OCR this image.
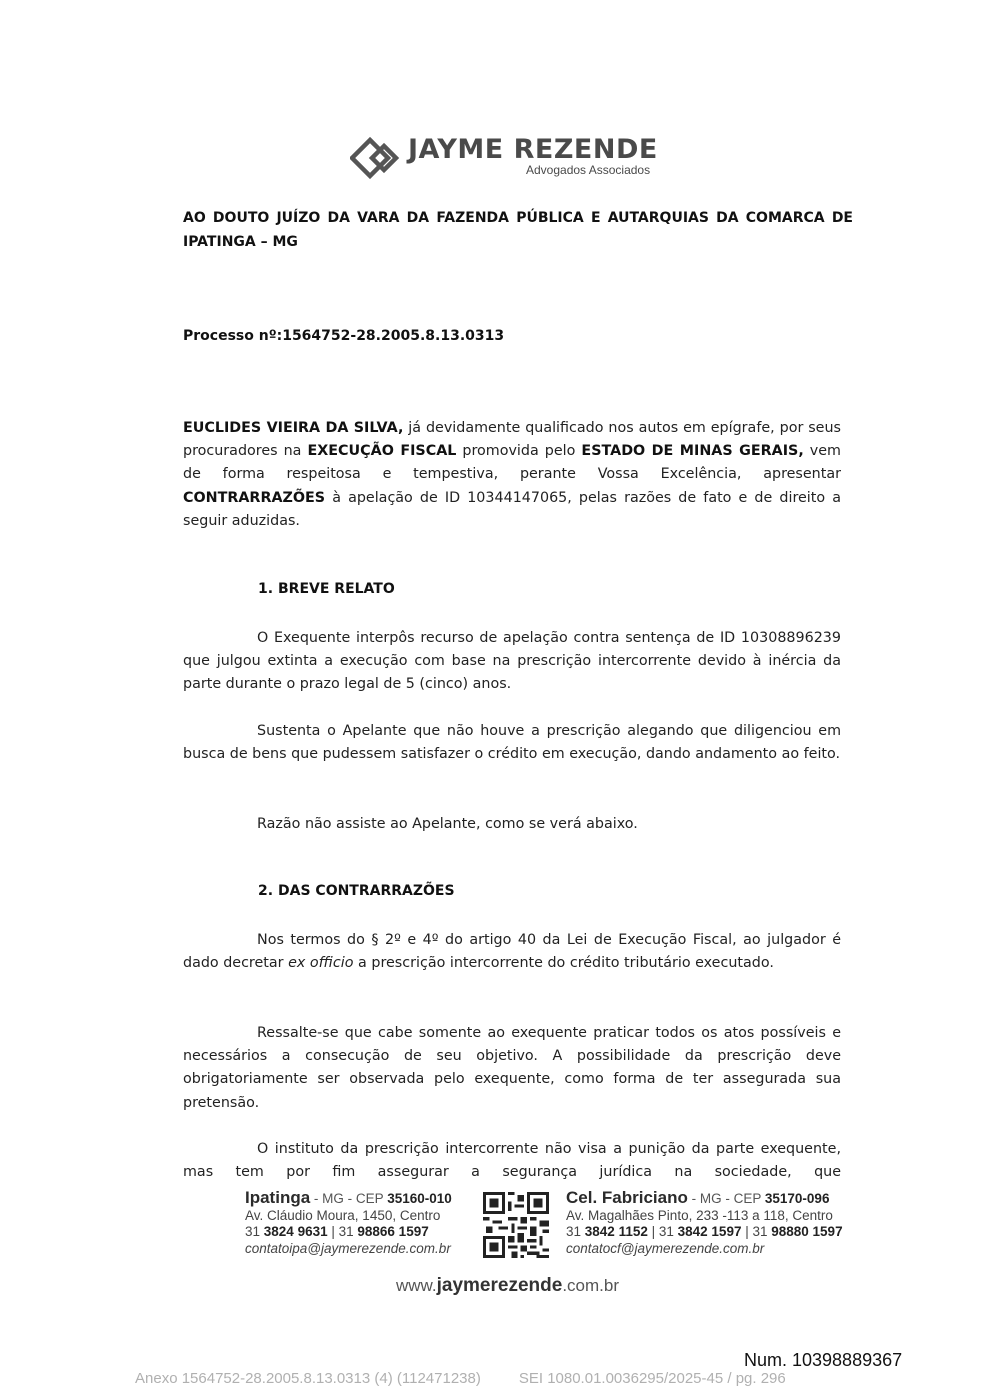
JAYME REZENDE
Advogados Associados
AO DOUTO JUÍZO DA VARA DA FAZENDA PÚBLICA E AUTARQUIAS DA COMARCA DE IPATINGA – MG
Processo nº:1564752-28.2005.8.13.0313
EUCLIDES VIEIRA DA SILVA, já devidamente qualificado nos autos em epígrafe, por seus procuradores na EXECUÇÃO FISCAL promovida pelo ESTADO DE MINAS GERAIS, vem de forma respeitosa e tempestiva, perante Vossa Excelência, apresentar CONTRARRAZÕES à apelação de ID 10344147065, pelas razões de fato e de direito a seguir aduzidas.
1. BREVE RELATO
O Exequente interpôs recurso de apelação contra sentença de ID 10308896239 que julgou extinta a execução com base na prescrição intercorrente devido à inércia da parte durante o prazo legal de 5 (cinco) anos.
Sustenta o Apelante que não houve a prescrição alegando que diligenciou em busca de bens que pudessem satisfazer o crédito em execução, dando andamento ao feito.
Razão não assiste ao Apelante, como se verá abaixo.
2. DAS CONTRARRAZÕES
Nos termos do § 2º e 4º do artigo 40 da Lei de Execução Fiscal, ao julgador é dado decretar ex officio a prescrição intercorrente do crédito tributário executado.
Ressalte-se que cabe somente ao exequente praticar todos os atos possíveis e necessários a consecução de seu objetivo. A possibilidade da prescrição deve obrigatoriamente ser observada pelo exequente, como forma de ter assegurada sua pretensão.
O instituto da prescrição intercorrente não visa a punição da parte exequente, mas tem por fim assegurar a segurança jurídica na sociedade, que
Ipatinga - MG - CEP 35160-010
Av. Cláudio Moura, 1450, Centro
31 3824 9631 | 31 98866 1597
contatoipa@jaymerezende.com.br
Cel. Fabriciano - MG - CEP 35170-096
Av. Magalhães Pinto, 233 -113 a 118, Centro
31 3842 1152 | 31 3842 1597 | 31 98880 1597
contatocf@jaymerezende.com.br
www.jaymerezende.com.br
Num. 10398889367
Anexo 1564752-28.2005.8.13.0313 (4) (112471238)	SEI 1080.01.0036295/2025-45 / pg. 296
